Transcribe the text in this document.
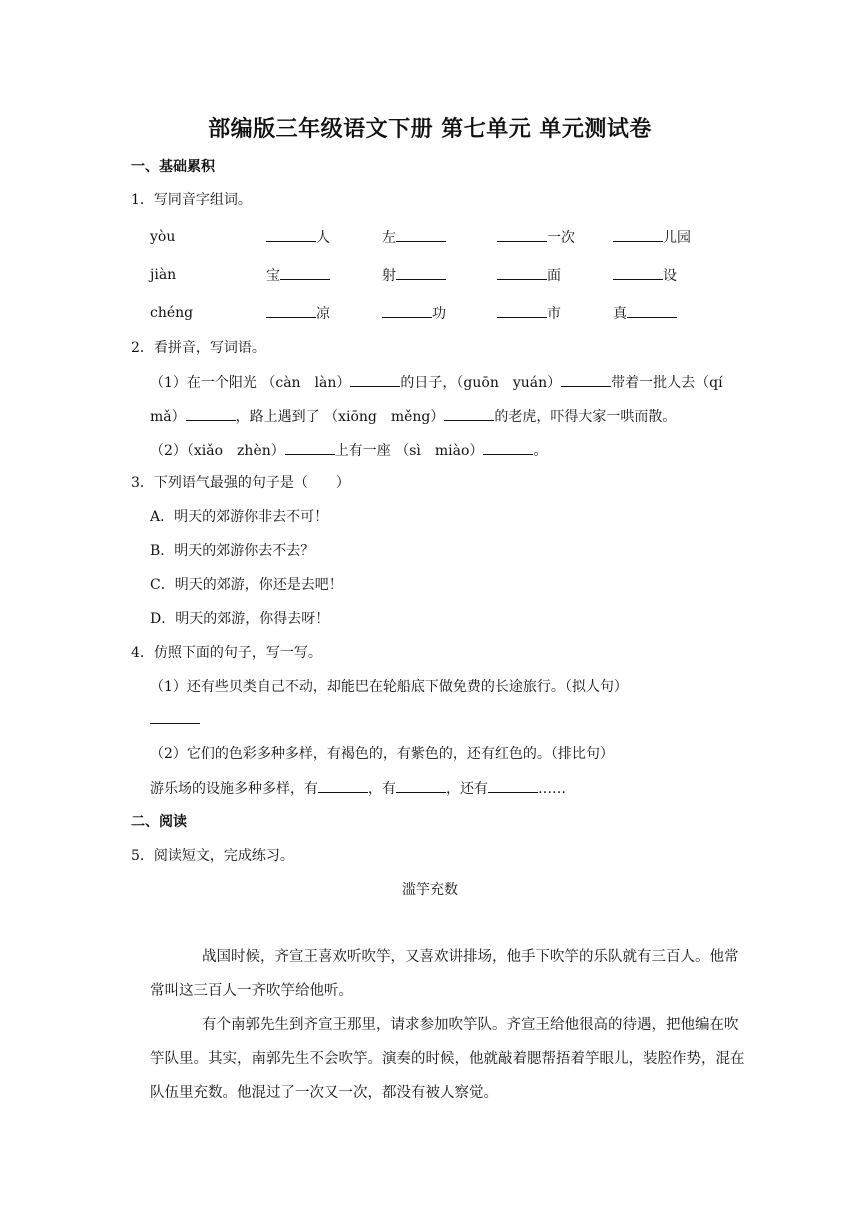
部编版三年级语文下册 第七单元 单元测试卷
一、基础累积
1．写同音字组词。
yòu	人	左	一次	儿园
jiàn	宝	射	面	设
chéng	凉	功	市	真
2．看拼音，写词语。
（1）在一个阳光 （càn　làn）	的日子，（guōn　yuán）	带着一批人去（qí
mǎ）	，路上遇到了 （xiōng　měng）	的老虎，吓得大家一哄而散。
（2）（xiǎo　zhèn）	上有一座 （sì　miào）	。
3．下列语气最强的句子是（　　）
A．明天的郊游你非去不可！
B．明天的郊游你去不去？
C．明天的郊游，你还是去吧！
D．明天的郊游，你得去呀！
4．仿照下面的句子，写一写。
（1）还有些贝类自己不动，却能巴在轮船底下做免费的长途旅行。（拟人句）
（2）它们的色彩多种多样，有褐色的，有紫色的，还有红色的。（排比句）
游乐场的设施多种多样，有	，有	，还有	……
二、阅读
5．阅读短文，完成练习。
滥竽充数
战国时候，齐宣王喜欢听吹竽，又喜欢讲排场，他手下吹竽的乐队就有三百人。他常常叫这三百人一齐吹竽给他听。
有个南郭先生到齐宣王那里，请求参加吹竽队。齐宣王给他很高的待遇，把他编在吹竽队里。其实，南郭先生不会吹竽。演奏的时候，他就敲着腮帮捂着竽眼儿，装腔作势，混在队伍里充数。他混过了一次又一次，都没有被人察觉。
